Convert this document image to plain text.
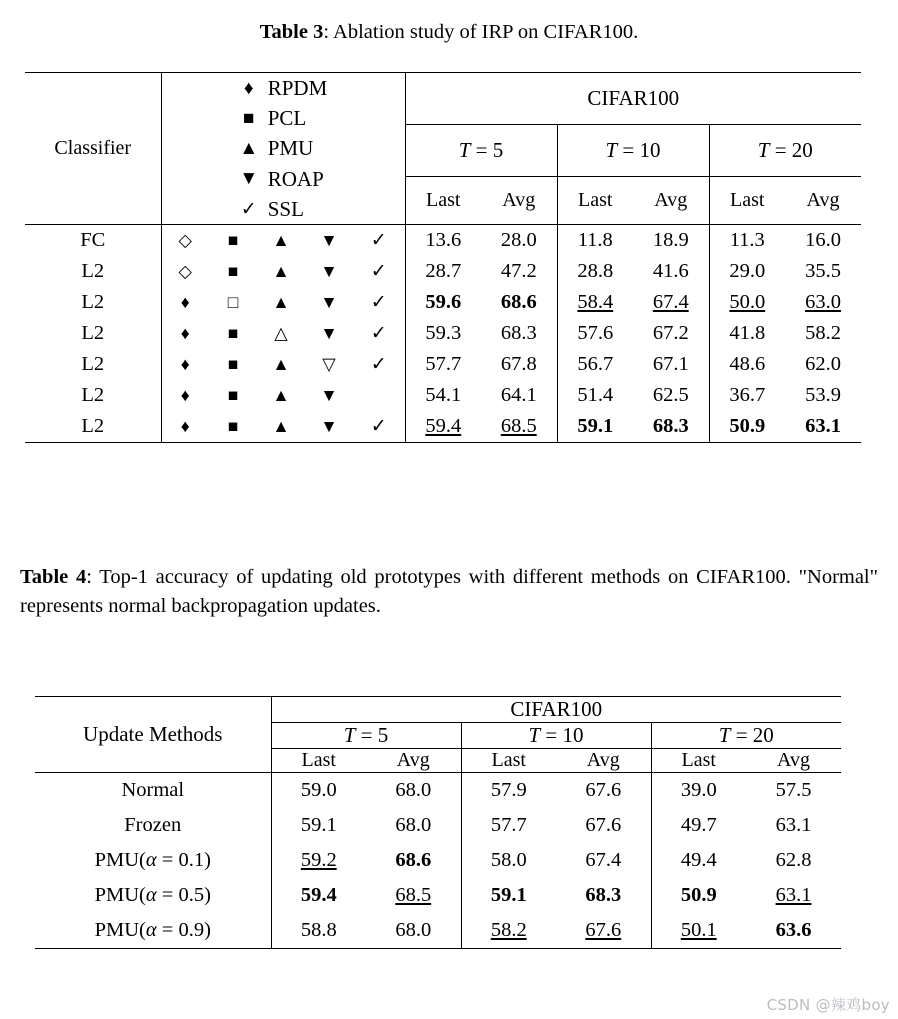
Table 3: Ablation study of IRP on CIFAR100.
Classifier	
♦ RPDM
■ PCL
▲ PMU
▼ ROAP
✓ SSL
	CIFAR100
						T = 5		T = 10		T = 20	
						Last	Avg	Last	Avg	Last	Avg
FC	◇	■	▲	▼	✓	13.6	28.0	11.8	18.9	11.3	16.0
L2	◇	■	▲	▼	✓	28.7	47.2	28.8	41.6	29.0	35.5
L2	♦	□	▲	▼	✓	59.6	68.6	58.4	67.4	50.0	63.0
L2	♦	■	△	▼	✓	59.3	68.3	57.6	67.2	41.8	58.2
L2	♦	■	▲	▽	✓	57.7	67.8	56.7	67.1	48.6	62.0
L2	♦	■	▲	▼		54.1	64.1	51.4	62.5	36.7	53.9
L2	♦	■	▲	▼	✓	59.4	68.5	59.1	68.3	50.9	63.1
Table 4: Top-1 accuracy of updating old prototypes with different methods on CIFAR100. "Normal" represents normal backpropagation updates.
Update Methods	CIFAR100					
	T = 5		T = 10		T = 20	
	Last	Avg	Last	Avg	Last	Avg
Normal	59.0	68.0	57.9	67.6	39.0	57.5
Frozen	59.1	68.0	57.7	67.6	49.7	63.1
PMU(α = 0.1)	59.2	68.6	58.0	67.4	49.4	62.8
PMU(α = 0.5)	59.4	68.5	59.1	68.3	50.9	63.1
PMU(α = 0.9)	58.8	68.0	58.2	67.6	50.1	63.6
CSDN @辣鸡boy
